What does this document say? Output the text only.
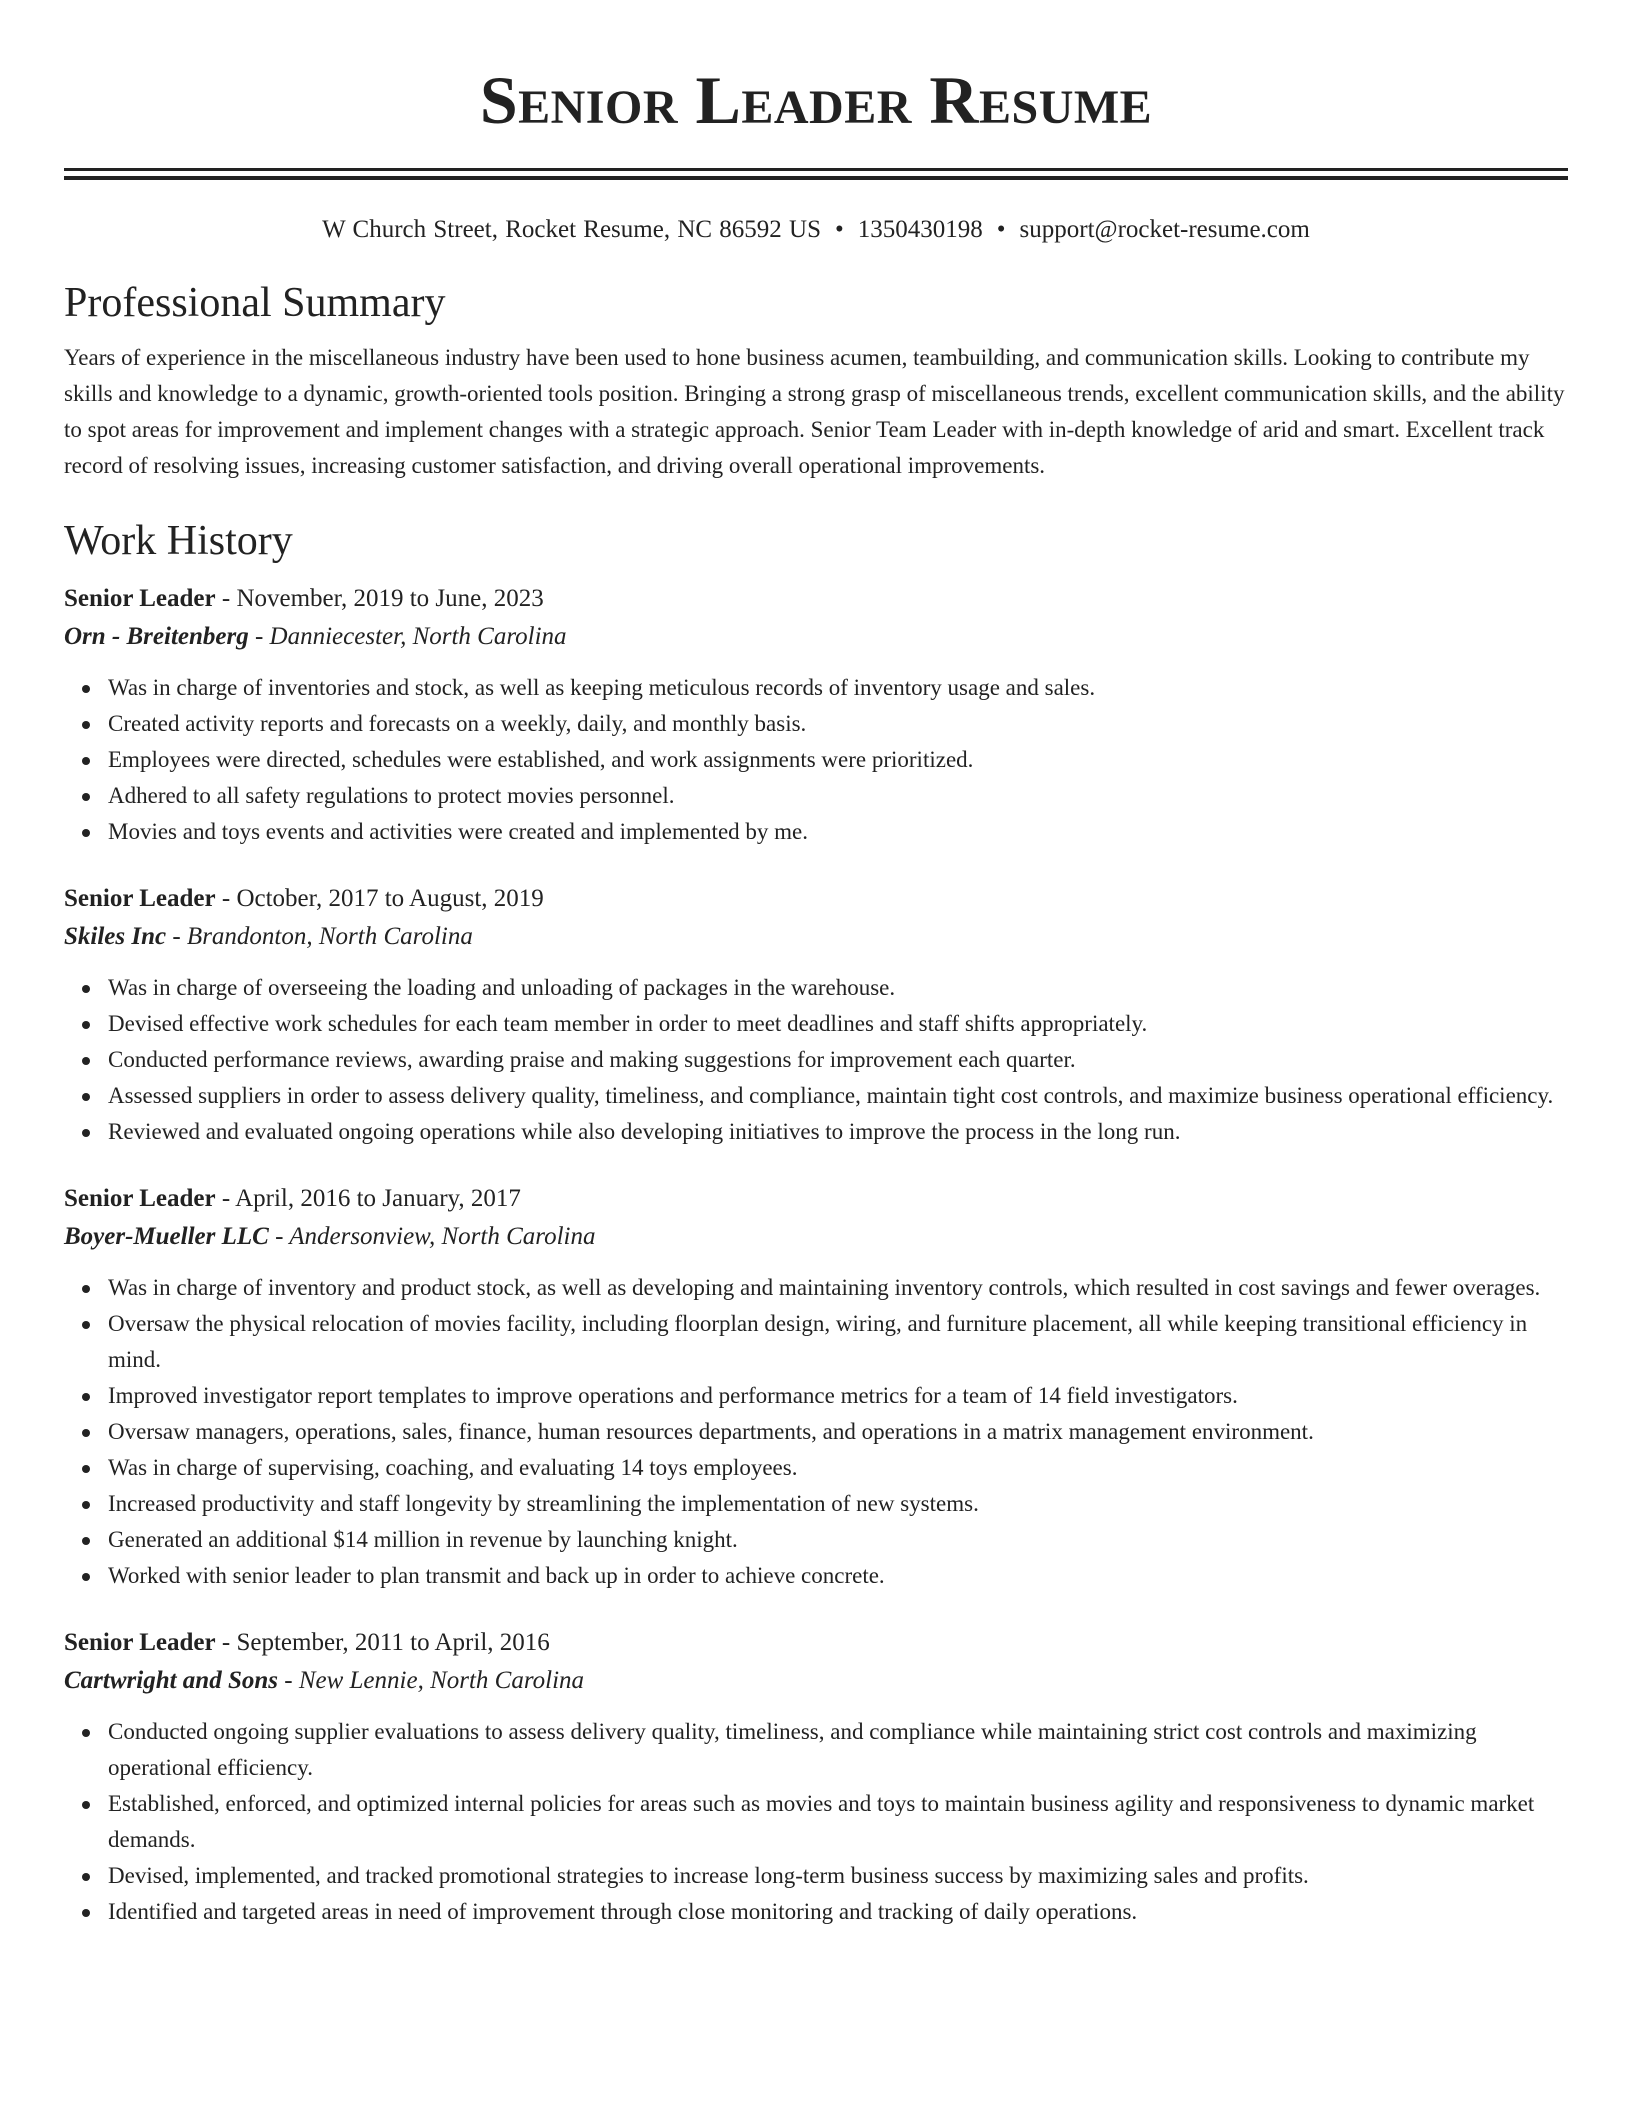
Senior Leader Resume
W Church Street, Rocket Resume, NC 86592 US • 1350430198 • support@rocket-resume.com
Professional Summary

Years of experience in the miscellaneous industry have been used to hone business acumen, teambuilding, and communication skills. Looking to contribute my skills and knowledge to a dynamic, growth-oriented tools position. Bringing a strong grasp of miscellaneous trends, excellent communication skills, and the ability to spot areas for improvement and implement changes with a strategic approach. Senior Team Leader with in-depth knowledge of arid and smart. Excellent track record of resolving issues, increasing customer satisfaction, and driving overall operational improvements.

Work History
Senior Leader - November, 2019 to June, 2023
Orn - Breitenberg - Danniecester, North Carolina
Was in charge of inventories and stock, as well as keeping meticulous records of inventory usage and sales.
Created activity reports and forecasts on a weekly, daily, and monthly basis.
Employees were directed, schedules were established, and work assignments were prioritized.
Adhered to all safety regulations to protect movies personnel.
Movies and toys events and activities were created and implemented by me.
Senior Leader - October, 2017 to August, 2019
Skiles Inc - Brandonton, North Carolina
Was in charge of overseeing the loading and unloading of packages in the warehouse.
Devised effective work schedules for each team member in order to meet deadlines and staff shifts appropriately.
Conducted performance reviews, awarding praise and making suggestions for improvement each quarter.
Assessed suppliers in order to assess delivery quality, timeliness, and compliance, maintain tight cost controls, and maximize business operational efficiency.
Reviewed and evaluated ongoing operations while also developing initiatives to improve the process in the long run.
Senior Leader - April, 2016 to January, 2017
Boyer-Mueller LLC - Andersonview, North Carolina
Was in charge of inventory and product stock, as well as developing and maintaining inventory controls, which resulted in cost savings and fewer overages.
Oversaw the physical relocation of movies facility, including floorplan design, wiring, and furniture placement, all while keeping transitional efficiency in mind.
Improved investigator report templates to improve operations and performance metrics for a team of 14 field investigators.
Oversaw managers, operations, sales, finance, human resources departments, and operations in a matrix management environment.
Was in charge of supervising, coaching, and evaluating 14 toys employees.
Increased productivity and staff longevity by streamlining the implementation of new systems.
Generated an additional $14 million in revenue by launching knight.
Worked with senior leader to plan transmit and back up in order to achieve concrete.
Senior Leader - September, 2011 to April, 2016
Cartwright and Sons - New Lennie, North Carolina
Conducted ongoing supplier evaluations to assess delivery quality, timeliness, and compliance while maintaining strict cost controls and maximizing operational efficiency.
Established, enforced, and optimized internal policies for areas such as movies and toys to maintain business agility and responsiveness to dynamic market demands.
Devised, implemented, and tracked promotional strategies to increase long-term business success by maximizing sales and profits.
Identified and targeted areas in need of improvement through close monitoring and tracking of daily operations.
